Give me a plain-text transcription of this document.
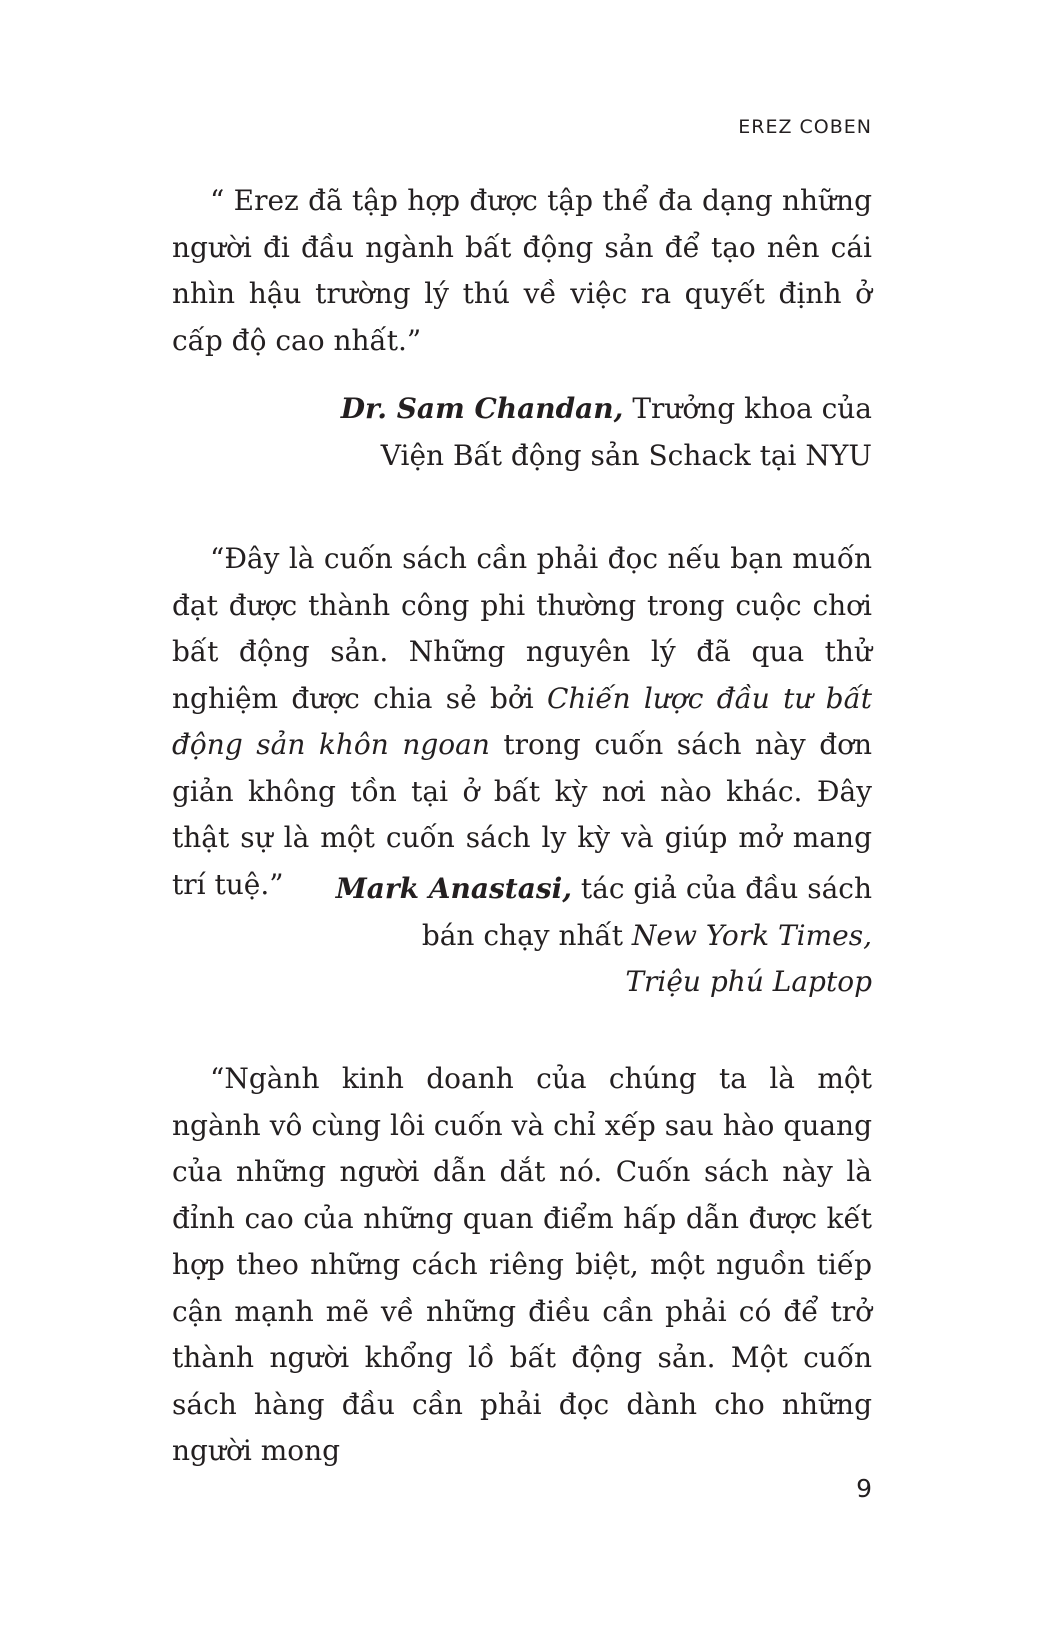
EREZ COBEN

“ Erez đã tập hợp được tập thể đa dạng những người đi đầu ngành bất động sản để tạo nên cái nhìn hậu trường lý thú về việc ra quyết định ở cấp độ cao nhất.”

Dr. Sam Chandan, Trưởng khoa của
Viện Bất động sản Schack tại NYU

“Đây là cuốn sách cần phải đọc nếu bạn muốn đạt được thành công phi thường trong cuộc chơi bất động sản. Những nguyên lý đã qua thử nghiệm được chia sẻ bởi Chiến lược đầu tư bất động sản khôn ngoan trong cuốn sách này đơn giản không tồn tại ở bất kỳ nơi nào khác. Đây thật sự là một cuốn sách ly kỳ và giúp mở mang trí tuệ.”	Mark Anastasi, tác giả của đầu sách
bán chạy nhất New York Times,
Triệu phú Laptop

“Ngành kinh doanh của chúng ta là một ngành vô cùng lôi cuốn và chỉ xếp sau hào quang của những người dẫn dắt nó. Cuốn sách này là đỉnh cao của những quan điểm hấp dẫn được kết hợp theo những cách riêng biệt, một nguồn tiếp cận mạnh mẽ về những điều cần phải có để trở thành người khổng lồ bất động sản. Một cuốn sách hàng đầu cần phải đọc dành cho những người mong

9
